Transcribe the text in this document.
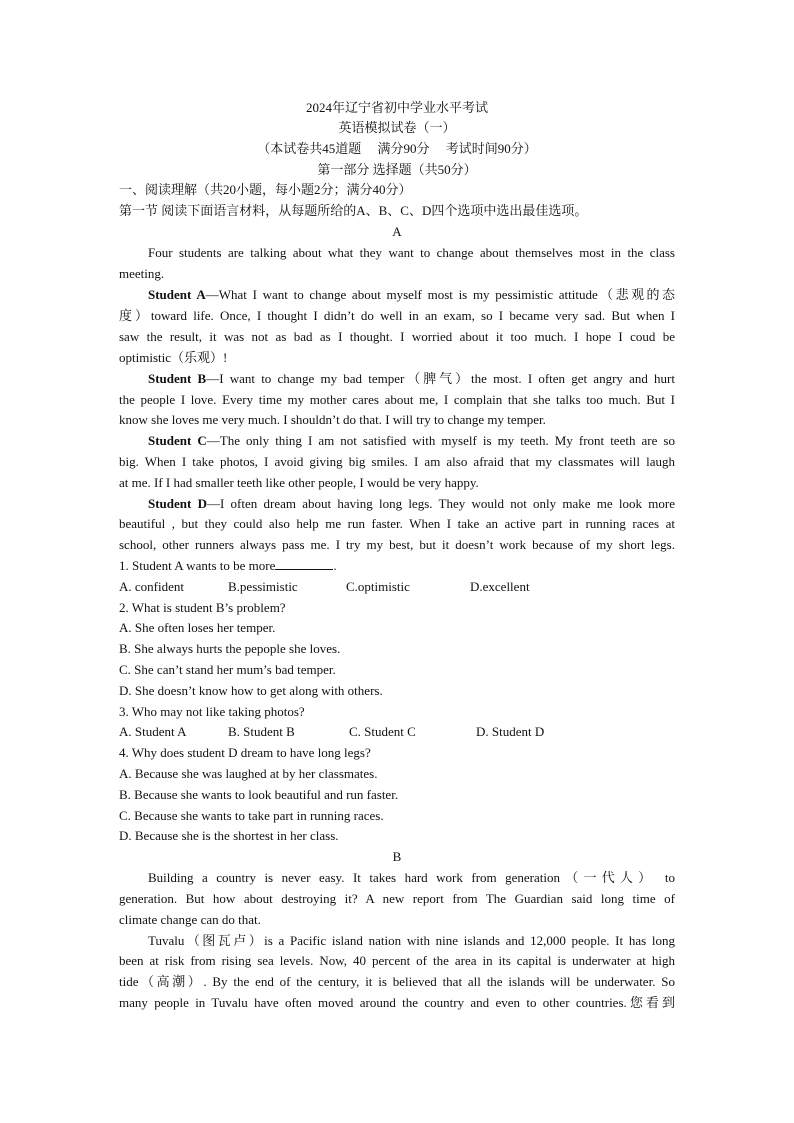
2024年辽宁省初中学业水平考试
英语模拟试卷（一）
（本试卷共45道题　 满分90分　 考试时间90分）
第一部分 选择题（共50分）
一、阅读理解（共20小题，每小题2分；满分40分）
第一节 阅读下面语言材料，从每题所给的A、B、C、D四个选项中选出最佳选项。
A
Four students are talking about what they want to change about themselves most in the class
meeting.
Student A—What I want to change about myself most is my pessimistic attitude（悲观的态
度）toward life. Once, I thought I didn’t do well in an exam, so I became very sad. But when I
saw the result, it was not as bad as I thought. I worried about it too much. I hope I coud be
optimistic（乐观）!
Student B—I want to change my bad temper（脾气）the most. I often get angry and hurt
the people I love. Every time my mother cares about me, I complain that she talks too much. But I
know she loves me very much. I shouldn’t do that. I will try to change my temper.
Student C—The only thing I am not satisfied with myself is my teeth. My front teeth are so
big. When I take photos, I avoid giving big smiles. I am also afraid that my classmates will laugh
at me. If I had smaller teeth like other people, I would be very happy.
Student D—I often dream about having long legs. They would not only make me look more
beautiful , but they could also help me run faster. When I take an active part in running races at
school, other runners always pass me. I try my best, but it doesn’t work because of my short legs.
1. Student A wants to be more	.
A. confident	B.pessimistic	C.optimistic	D.excellent
2. What is student B’s problem?
A. She often loses her temper.
B. She always hurts the pepople she loves.
C. She can’t stand her mum’s bad temper.
D. She doesn’t know how to get along with others.
3. Who may not like taking photos?
A. Student A	B. Student B	C. Student C	D. Student D
4. Why does student D dream to have long legs?
A. Because she was laughed at by her classmates.
B. Because she wants to look beautiful and run faster.
C. Because she wants to take part in running races.
D. Because she is the shortest in her class.
B
Building a country is never easy. It takes hard work from generation（一代人） to
generation. But how about destroying it? A new report from The Guardian said long time of
climate change can do that.
Tuvalu（图瓦卢）is a Pacific island nation with nine islands and 12,000 people. It has long
been at risk from rising sea levels. Now, 40 percent of the area in its capital is underwater at high
tide（高潮）. By the end of the century, it is believed that all the islands will be underwater. So
many people in Tuvalu have often moved around the country and even to other countries.您看到
